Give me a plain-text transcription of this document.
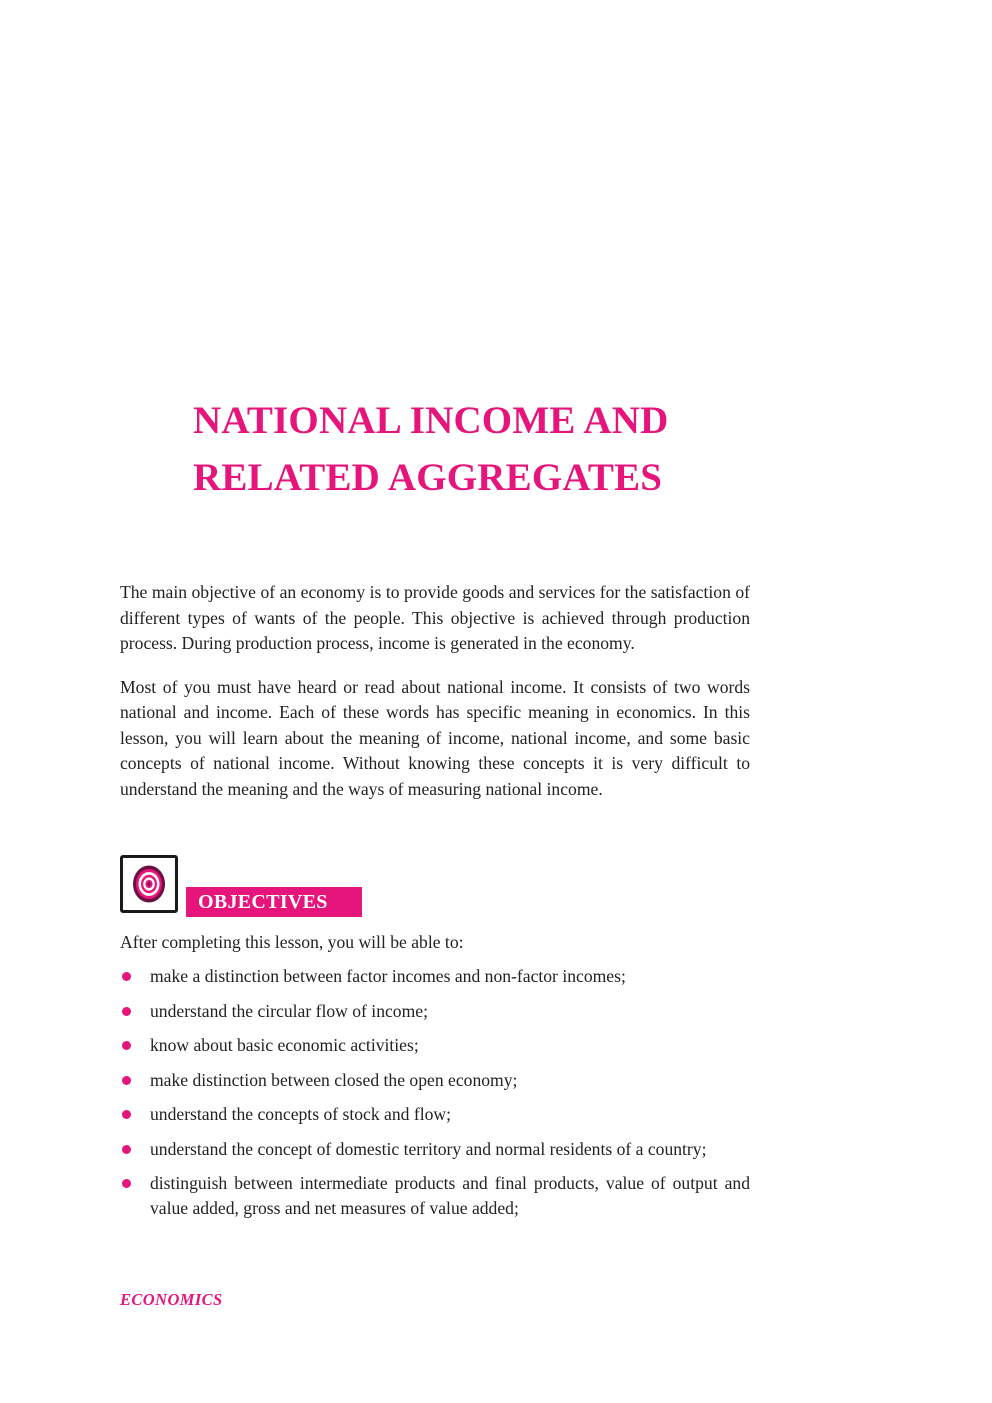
NATIONAL INCOME AND
RELATED AGGREGATES

The main objective of an economy is to provide goods and services for the satisfaction of different types of wants of the people. This objective is achieved through production process. During production process, income is generated in the economy.

Most of you must have heard or read about national income. It consists of two words national and income. Each of these words has specific meaning in economics. In this lesson, you will learn about the meaning of income, national income, and some basic concepts of national income. Without knowing these concepts it is very difficult to understand the meaning and the ways of measuring national income.

OBJECTIVES

After completing this lesson, you will be able to:

make a distinction between factor incomes and non-factor incomes;
understand the circular flow of income;
know about basic economic activities;
make distinction between closed the open economy;
understand the concepts of stock and flow;
understand the concept of domestic territory and normal residents of a country;
distinguish between intermediate products and final products, value of output and value added, gross and net measures of value added;

ECONOMICS
